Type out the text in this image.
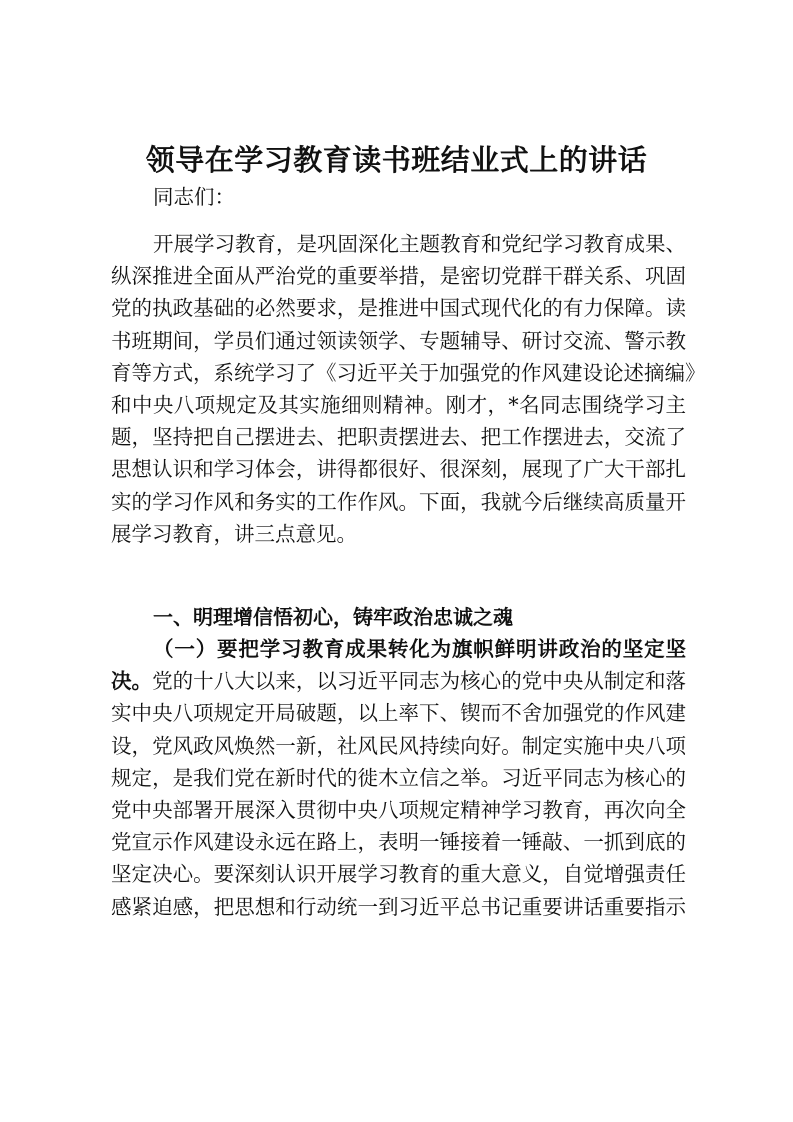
领导在学习教育读书班结业式上的讲话
同志们：
开展学习教育，是巩固深化主题教育和党纪学习教育成果、
纵深推进全面从严治党的重要举措，是密切党群干群关系、巩固
党的执政基础的必然要求，是推进中国式现代化的有力保障。读
书班期间，学员们通过领读领学、专题辅导、研讨交流、警示教
育等方式，系统学习了《习近平关于加强党的作风建设论述摘编》
和中央八项规定及其实施细则精神。刚才，*名同志围绕学习主
题，坚持把自己摆进去、把职责摆进去、把工作摆进去，交流了
思想认识和学习体会，讲得都很好、很深刻，展现了广大干部扎
实的学习作风和务实的工作作风。下面，我就今后继续高质量开
展学习教育，讲三点意见。
一、明理增信悟初心，铸牢政治忠诚之魂
（一）要把学习教育成果转化为旗帜鲜明讲政治的坚定坚
决。党的十八大以来，以习近平同志为核心的党中央从制定和落
实中央八项规定开局破题，以上率下、锲而不舍加强党的作风建
设，党风政风焕然一新，社风民风持续向好。制定实施中央八项
规定，是我们党在新时代的徙木立信之举。习近平同志为核心的
党中央部署开展深入贯彻中央八项规定精神学习教育，再次向全
党宣示作风建设永远在路上，表明一锤接着一锤敲、一抓到底的
坚定决心。要深刻认识开展学习教育的重大意义，自觉增强责任
感紧迫感，把思想和行动统一到习近平总书记重要讲话重要指示
